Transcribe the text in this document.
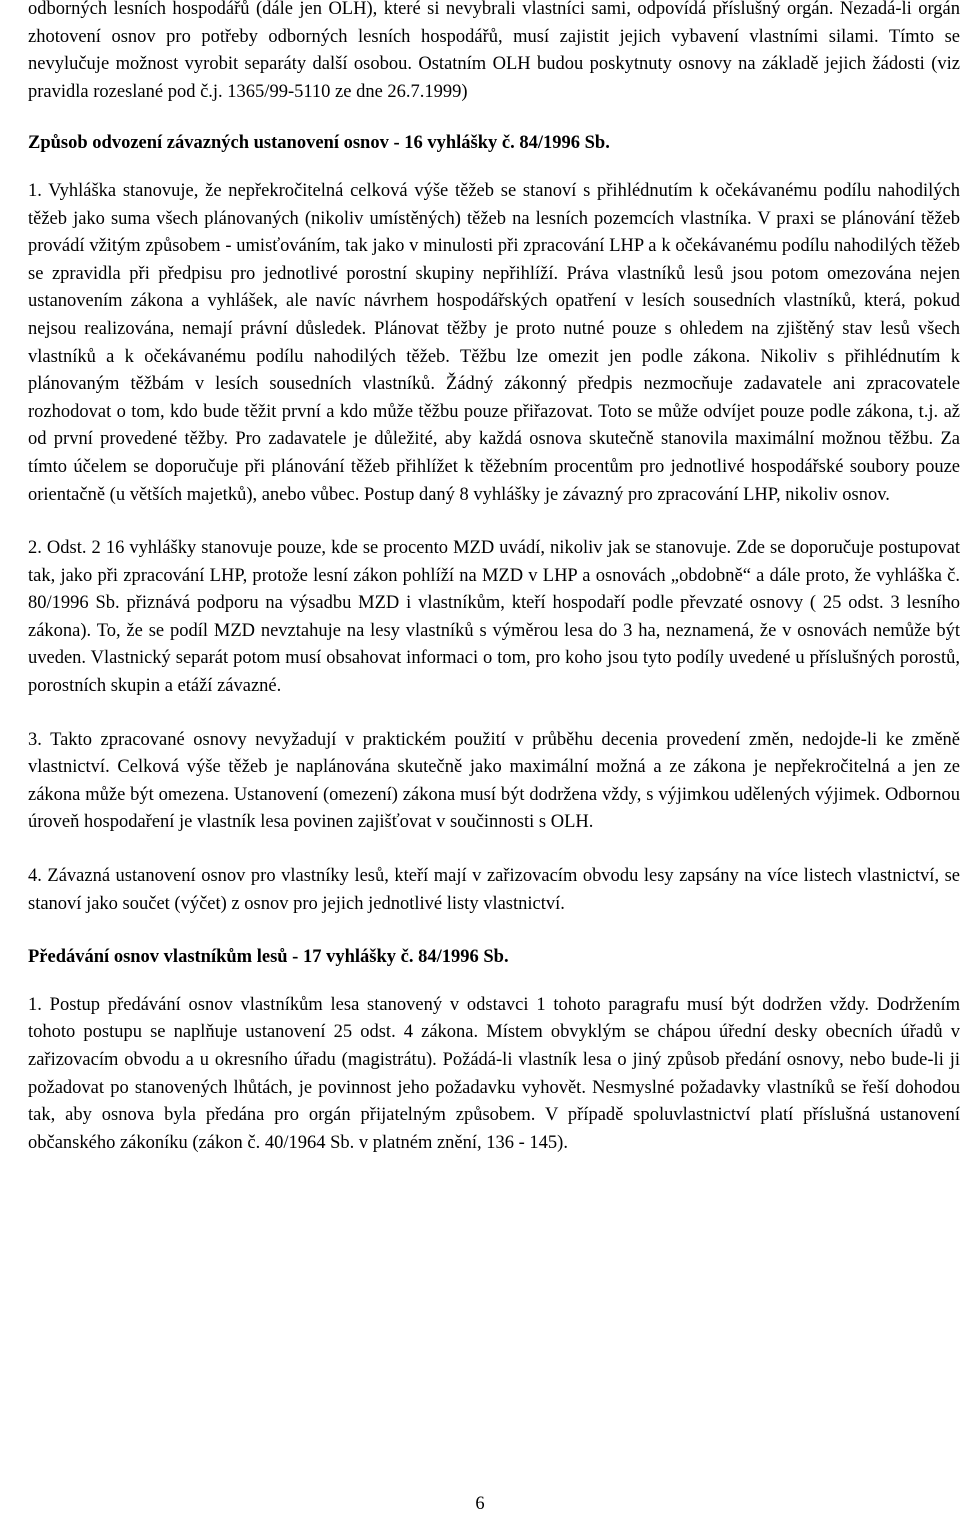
odborných lesních hospodářů (dále jen OLH), které si nevybrali vlastníci sami, odpovídá příslušný orgán. Nezadá-li orgán zhotovení osnov pro potřeby odborných lesních hospodářů, musí zajistit jejich vybavení vlastními silami. Tímto se nevylučuje možnost vyrobit separáty další osobou. Ostatním OLH budou poskytnuty osnovy na základě jejich žádosti (viz pravidla rozeslané pod č.j. 1365/99-5110 ze dne 26.7.1999)

Způsob odvození závazných ustanovení osnov - 16 vyhlášky č. 84/1996 Sb.

1. Vyhláška stanovuje, že nepřekročitelná celková výše těžeb se stanoví s přihlédnutím k očekávanému podílu nahodilých těžeb jako suma všech plánovaných (nikoliv umístěných) těžeb na lesních pozemcích vlastníka. V praxi se plánování těžeb provádí vžitým způsobem - umisťováním, tak jako v minulosti při zpracování LHP a k očekávanému podílu nahodilých těžeb se zpravidla při předpisu pro jednotlivé porostní skupiny nepřihlíží. Práva vlastníků lesů jsou potom omezována nejen ustanovením zákona a vyhlášek, ale navíc návrhem hospodářských opatření v lesích sousedních vlastníků, která, pokud nejsou realizována, nemají právní důsledek. Plánovat těžby je proto nutné pouze s ohledem na zjištěný stav lesů všech vlastníků a k očekávanému podílu nahodilých těžeb. Těžbu lze omezit jen podle zákona. Nikoliv s přihlédnutím k plánovaným těžbám v lesích sousedních vlastníků. Žádný zákonný předpis nezmocňuje zadavatele ani zpracovatele rozhodovat o tom, kdo bude těžit první a kdo může těžbu pouze přiřazovat. Toto se může odvíjet pouze podle zákona, t.j. až od první provedené těžby. Pro zadavatele je důležité, aby každá osnova skutečně stanovila maximální možnou těžbu. Za tímto účelem se doporučuje při plánování těžeb přihlížet k těžebním procentům pro jednotlivé hospodářské soubory pouze orientačně (u větších majetků), anebo vůbec. Postup daný 8 vyhlášky je závazný pro zpracování LHP, nikoliv osnov.

2. Odst. 2 16 vyhlášky stanovuje pouze, kde se procento MZD uvádí, nikoliv jak se stanovuje. Zde se doporučuje postupovat tak, jako při zpracování LHP, protože lesní zákon pohlíží na MZD v LHP a osnovách „obdobně“ a dále proto, že vyhláška č. 80/1996 Sb. přiznává podporu na výsadbu MZD i vlastníkům, kteří hospodaří podle převzaté osnovy ( 25 odst. 3 lesního zákona). To, že se podíl MZD nevztahuje na lesy vlastníků s výměrou lesa do 3 ha, neznamená, že v osnovách nemůže být uveden. Vlastnický separát potom musí obsahovat informaci o tom, pro koho jsou tyto podíly uvedené u příslušných porostů, porostních skupin a etáží závazné.

3. Takto zpracované osnovy nevyžadují v praktickém použití v průběhu decenia provedení změn, nedojde-li ke změně vlastnictví. Celková výše těžeb je naplánována skutečně jako maximální možná a ze zákona je nepřekročitelná a jen ze zákona může být omezena. Ustanovení (omezení) zákona musí být dodržena vždy, s výjimkou udělených výjimek. Odbornou úroveň hospodaření je vlastník lesa povinen zajišťovat v součinnosti s OLH.

4. Závazná ustanovení osnov pro vlastníky lesů, kteří mají v zařizovacím obvodu lesy zapsány na více listech vlastnictví, se stanoví jako součet (výčet) z osnov pro jejich jednotlivé listy vlastnictví.

Předávání osnov vlastníkům lesů - 17 vyhlášky č. 84/1996 Sb.

1. Postup předávání osnov vlastníkům lesa stanovený v odstavci 1 tohoto paragrafu musí být dodržen vždy. Dodržením tohoto postupu se naplňuje ustanovení 25 odst. 4 zákona. Místem obvyklým se chápou úřední desky obecních úřadů v zařizovacím obvodu a u okresního úřadu (magistrátu). Požádá-li vlastník lesa o jiný způsob předání osnovy, nebo bude-li ji požadovat po stanovených lhůtách, je povinnost jeho požadavku vyhovět. Nesmyslné požadavky vlastníků se řeší dohodou tak, aby osnova byla předána pro orgán přijatelným způsobem. V případě spoluvlastnictví platí příslušná ustanovení občanského zákoníku (zákon č. 40/1964 Sb. v platném znění, 136 - 145).

6
